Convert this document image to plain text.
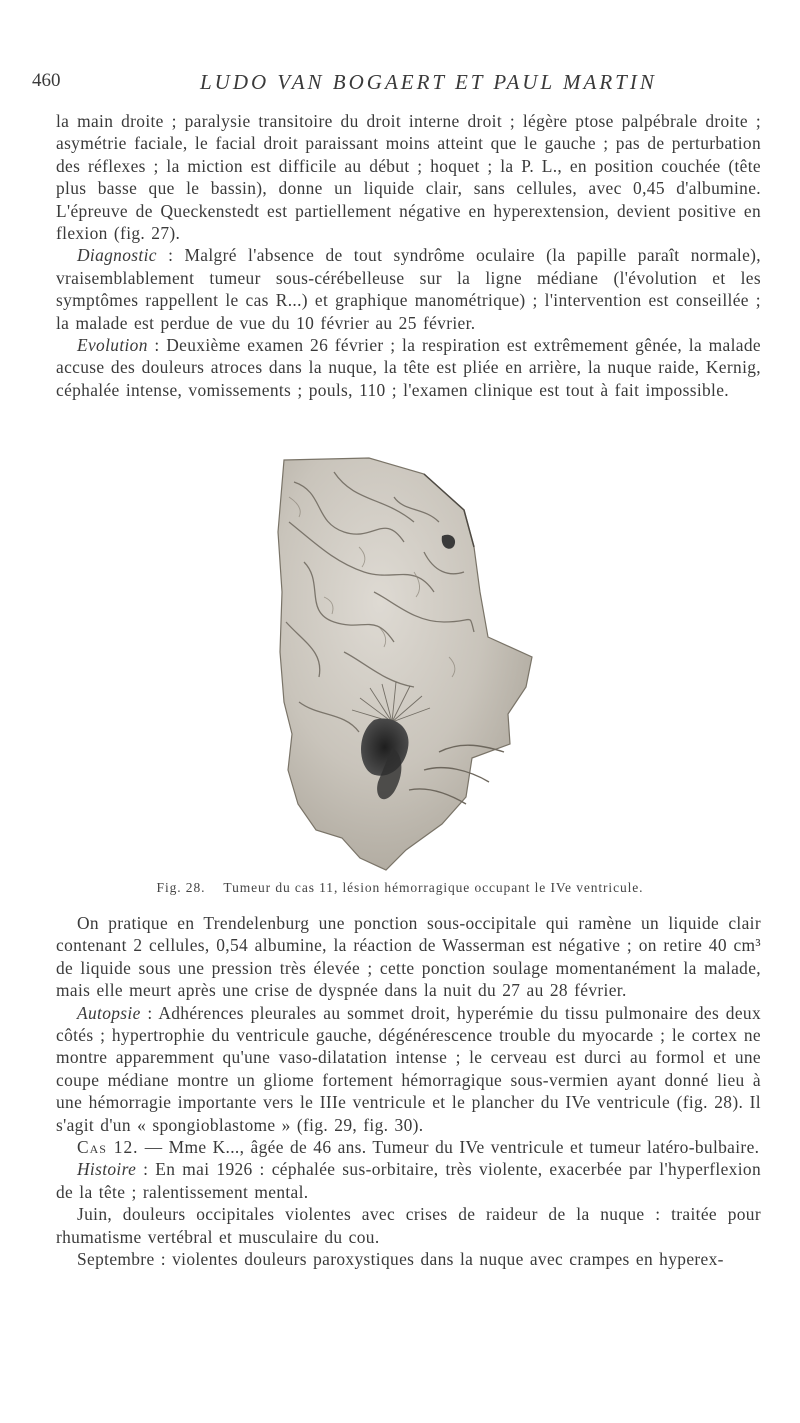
460	LUDO VAN BOGAERT ET PAUL MARTIN

la main droite ; paralysie transitoire du droit interne droit ; légère ptose palpébrale droite ; asymétrie faciale, le facial droit paraissant moins atteint que le gauche ; pas de perturbation des réflexes ; la miction est difficile au début ; hoquet ; la P. L., en position couchée (tête plus basse que le bassin), donne un liquide clair, sans cellules, avec 0,45 d'albumine. L'épreuve de Queckenstedt est partiellement négative en hyperextension, devient positive en flexion (fig. 27).

Diagnostic : Malgré l'absence de tout syndrôme oculaire (la papille paraît normale), vraisemblablement tumeur sous-cérébelleuse sur la ligne médiane (l'évolution et les symptômes rappellent le cas R...) et graphique manométrique) ; l'intervention est conseillée ; la malade est perdue de vue du 10 février au 25 février.

Evolution : Deuxième examen 26 février ; la respiration est extrêmement gênée, la malade accuse des douleurs atroces dans la nuque, la tête est pliée en arrière, la nuque raide, Kernig, céphalée intense, vomissements ; pouls, 110 ; l'examen clinique est tout à fait impossible.

Fig. 28. Tumeur du cas 11, lésion hémorragique occupant le IVe ventricule.

On pratique en Trendelenburg une ponction sous-occipitale qui ramène un liquide clair contenant 2 cellules, 0,54 albumine, la réaction de Wasserman est négative ; on retire 40 cm³ de liquide sous une pression très élevée ; cette ponction soulage momentanément la malade, mais elle meurt après une crise de dyspnée dans la nuit du 27 au 28 février.

Autopsie : Adhérences pleurales au sommet droit, hyperémie du tissu pulmonaire des deux côtés ; hypertrophie du ventricule gauche, dégénérescence trouble du myocarde ; le cortex ne montre apparemment qu'une vaso-dilatation intense ; le cerveau est durci au formol et une coupe médiane montre un gliome fortement hémorragique sous-vermien ayant donné lieu à une hémorragie importante vers le IIIe ventricule et le plancher du IVe ventricule (fig. 28). Il s'agit d'un « spongioblastome » (fig. 29, fig. 30).

Cas 12. — Mme K..., âgée de 46 ans. Tumeur du IVe ventricule et tumeur latéro-bulbaire.

Histoire : En mai 1926 : céphalée sus-orbitaire, très violente, exacerbée par l'hyperflexion de la tête ; ralentissement mental.

Juin, douleurs occipitales violentes avec crises de raideur de la nuque : traitée pour rhumatisme vertébral et musculaire du cou.

Septembre : violentes douleurs paroxystiques dans la nuque avec crampes en hyperex-
